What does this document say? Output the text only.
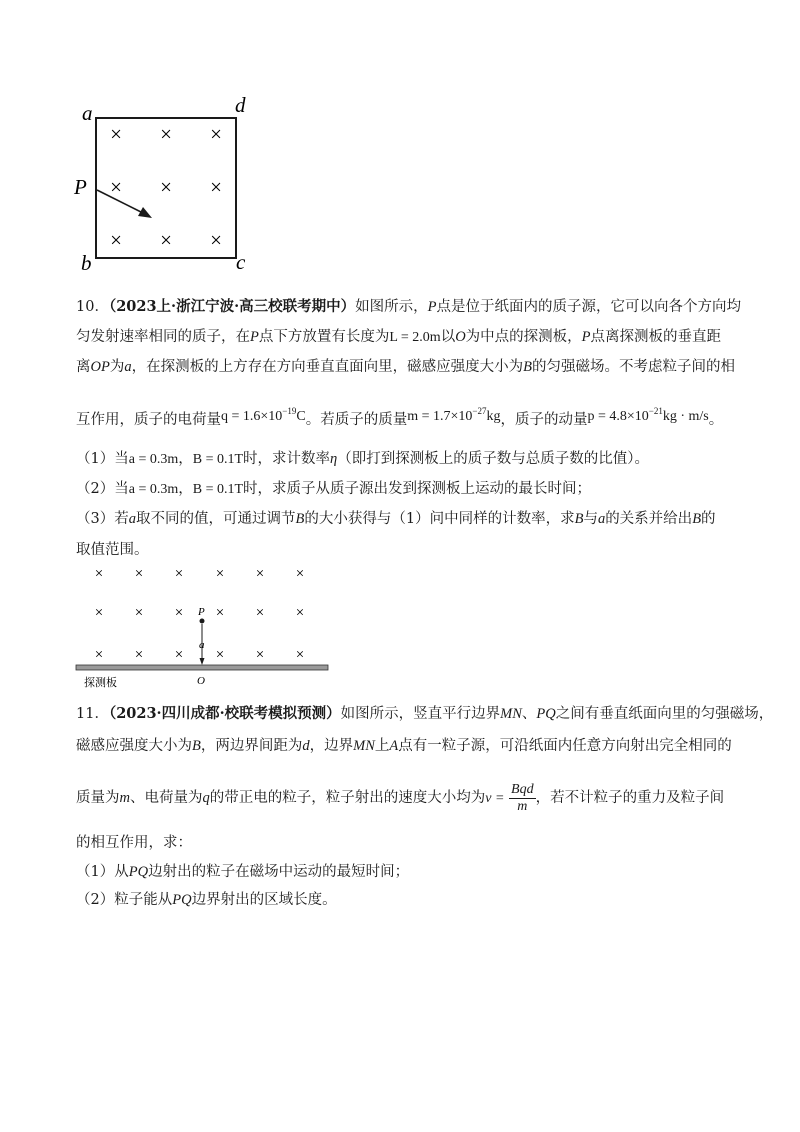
a	d
b	c
P
× × ×
× × ×
× × ×
10．（2023上·浙江宁波·高三校联考期中）如图所示，P点是位于纸面内的质子源，它可以向各个方向均
匀发射速率相同的质子，在P点下方放置有长度为L = 2.0m以O为中点的探测板，P点离探测板的垂直距
离OP为a，在探测板的上方存在方向垂直直面向里，磁感应强度大小为B的匀强磁场。不考虑粒子间的相
互作用，质子的电荷量$q = 1.6\times 10^{-19}C$。若质子的质量$m = 1.7\times 10^{-27}kg$，质子的动量$p = 4.8\times 10^{-21}kg \cdot m/s$。
（1）当a = 0.3m，B = 0.1T时，求计数率η（即打到探测板上的质子数与总质子数的比值）。
（2）当a = 0.3m，B = 0.1T时，求质子从质子源出发到探测板上运动的最长时间；
（3）若a取不同的值，可通过调节B的大小获得与（1）问中同样的计数率，求B与a的关系并给出B的
取值范围。
× × × × × ×
× × × × × ×
× × × × × ×
P
a
O
探测板
11．（2023·四川成都·校联考模拟预测）如图所示，竖直平行边界MN、PQ之间有垂直纸面向里的匀强磁场，
磁感应强度大小为B，两边界间距为d，边界MN上A点有一粒子源，可沿纸面内任意方向射出完全相同的
质量为m、电荷量为q的带正电的粒子，粒子射出的速度大小均为$v = \frac{\text{Bqd}}{m}$ ，若不计粒子的重力及粒子间
的相互作用，求：
（1）从PQ边射出的粒子在磁场中运动的最短时间；
（2）粒子能从PQ边界射出的区域长度。
